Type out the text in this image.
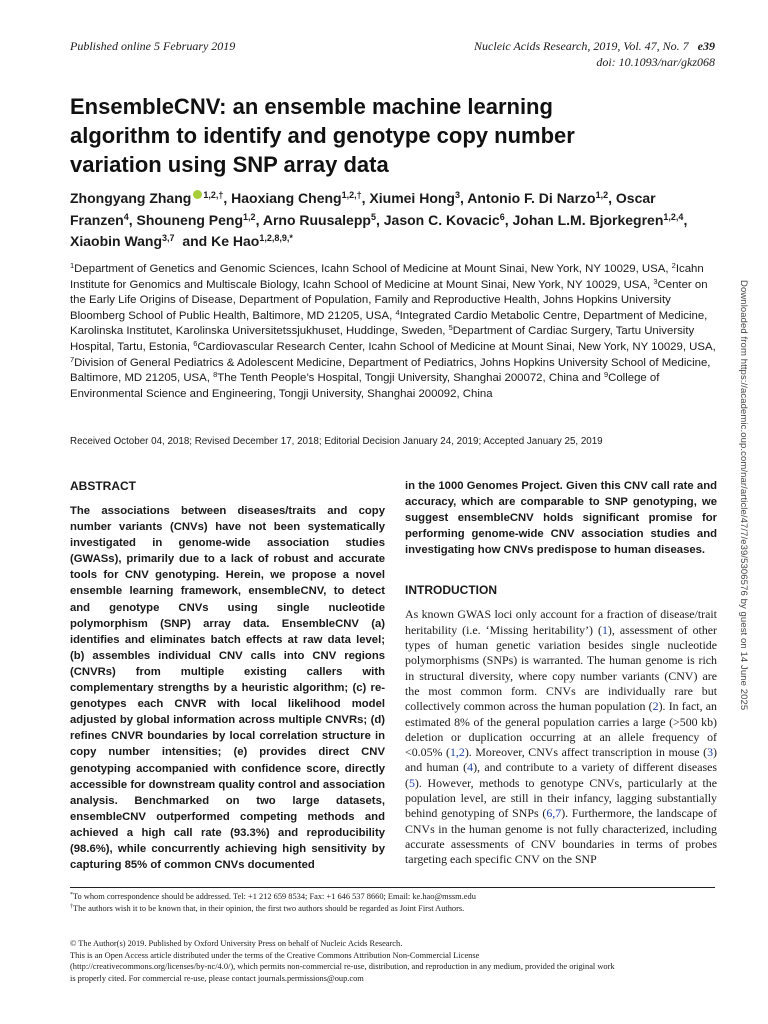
Published online 5 February 2019	Nucleic Acids Research, 2019, Vol. 47, No. 7 e39
doi: 10.1093/nar/gkz068
EnsembleCNV: an ensemble machine learning algorithm to identify and genotype copy number variation using SNP array data
Zhongyang Zhang $^{1,2,\dagger}$, Haoxiang Cheng$^{1,2,\dagger}$, Xiumei Hong$^3$, Antonio F. Di Narzo$^{1,2}$, Oscar Franzen$^4$, Shouneng Peng$^{1,2}$, Arno Ruusalepp$^5$, Jason C. Kovacic$^6$, Johan L.M. Bjorkegren$^{1,2,4}$, Xiaobin Wang$^{3,7}$  and Ke Hao$^{1,2,8,9,*}$
$^1$Department of Genetics and Genomic Sciences, Icahn School of Medicine at Mount Sinai, New York, NY 10029, USA, $^2$Icahn Institute for Genomics and Multiscale Biology, Icahn School of Medicine at Mount Sinai, New York, NY 10029, USA, $^3$Center on the Early Life Origins of Disease, Department of Population, Family and Reproductive Health, Johns Hopkins University Bloomberg School of Public Health, Baltimore, MD 21205, USA, $^4$Integrated Cardio Metabolic Centre, Department of Medicine, Karolinska Institutet, Karolinska Universitetssjukhuset, Huddinge, Sweden, $^5$Department of Cardiac Surgery, Tartu University Hospital, Tartu, Estonia, $^6$Cardiovascular Research Center, Icahn School of Medicine at Mount Sinai, New York, NY 10029, USA, $^7$Division of General Pediatrics & Adolescent Medicine, Department of Pediatrics, Johns Hopkins University School of Medicine, Baltimore, MD 21205, USA, $^8$The Tenth People’s Hospital, Tongji University, Shanghai 200072, China and $^9$College of Environmental Science and Engineering, Tongji University, Shanghai 200092, China
Received October 04, 2018; Revised December 17, 2018; Editorial Decision January 24, 2019; Accepted January 25, 2019	Downloaded from https://academic.oup.com/nar/article/47/7/e39/5306576 by guest on 14 June 2025
ABSTRACT

The associations between diseases/traits and copy number variants (CNVs) have not been systematically investigated in genome-wide association studies (GWASs), primarily due to a lack of robust and accurate tools for CNV genotyping. Herein, we propose a novel ensemble learning framework, ensembleCNV, to detect and genotype CNVs using single nucleotide polymorphism (SNP) array data. EnsembleCNV (a) identifies and eliminates batch effects at raw data level; (b) assembles individual CNV calls into CNV regions (CNVRs) from multiple existing callers with complementary strengths by a heuristic algorithm; (c) re-genotypes each CNVR with local likelihood model adjusted by global information across multiple CNVRs; (d) refines CNVR boundaries by local correlation structure in copy number intensities; (e) provides direct CNV genotyping accompanied with confidence score, directly accessible for downstream quality control and association analysis. Benchmarked on two large datasets, ensembleCNV outperformed competing methods and achieved a high call rate (93.3%) and reproducibility (98.6%), while concurrently achieving high sensitivity by capturing 85% of common CNVs documented

in the 1000 Genomes Project. Given this CNV call rate and accuracy, which are comparable to SNP genotyping, we suggest ensembleCNV holds significant promise for performing genome-wide CNV association studies and investigating how CNVs predispose to human diseases.

INTRODUCTION

As known GWAS loci only account for a fraction of disease/trait heritability (i.e. ‘Missing heritability’) (1), assessment of other types of human genetic variation besides single nucleotide polymorphisms (SNPs) is warranted. The human genome is rich in structural diversity, where copy number variants (CNV) are the most common form. CNVs are individually rare but collectively common across the human population (2). In fact, an estimated 8% of the general population carries a large (>500 kb) deletion or duplication occurring at an allele frequency of <0.05% (1,2). Moreover, CNVs affect transcription in mouse (3) and human (4), and contribute to a variety of different diseases (5). However, methods to genotype CNVs, particularly at the population level, are still in their infancy, lagging substantially behind genotyping of SNPs (6,7). Furthermore, the landscape of CNVs in the human genome is not fully characterized, including accurate assessments of CNV boundaries in terms of probes targeting each specific CNV on the SNP

*To whom correspondence should be addressed. Tel: +1 212 659 8534; Fax: +1 646 537 8660; Email: ke.hao@mssm.edu
†The authors wish it to be known that, in their opinion, the first two authors should be regarded as Joint First Authors.
© The Author(s) 2019. Published by Oxford University Press on behalf of Nucleic Acids Research.
This is an Open Access article distributed under the terms of the Creative Commons Attribution Non-Commercial License
(http://creativecommons.org/licenses/by-nc/4.0/), which permits non-commercial re-use, distribution, and reproduction in any medium, provided the original work
is properly cited. For commercial re-use, please contact journals.permissions@oup.com
